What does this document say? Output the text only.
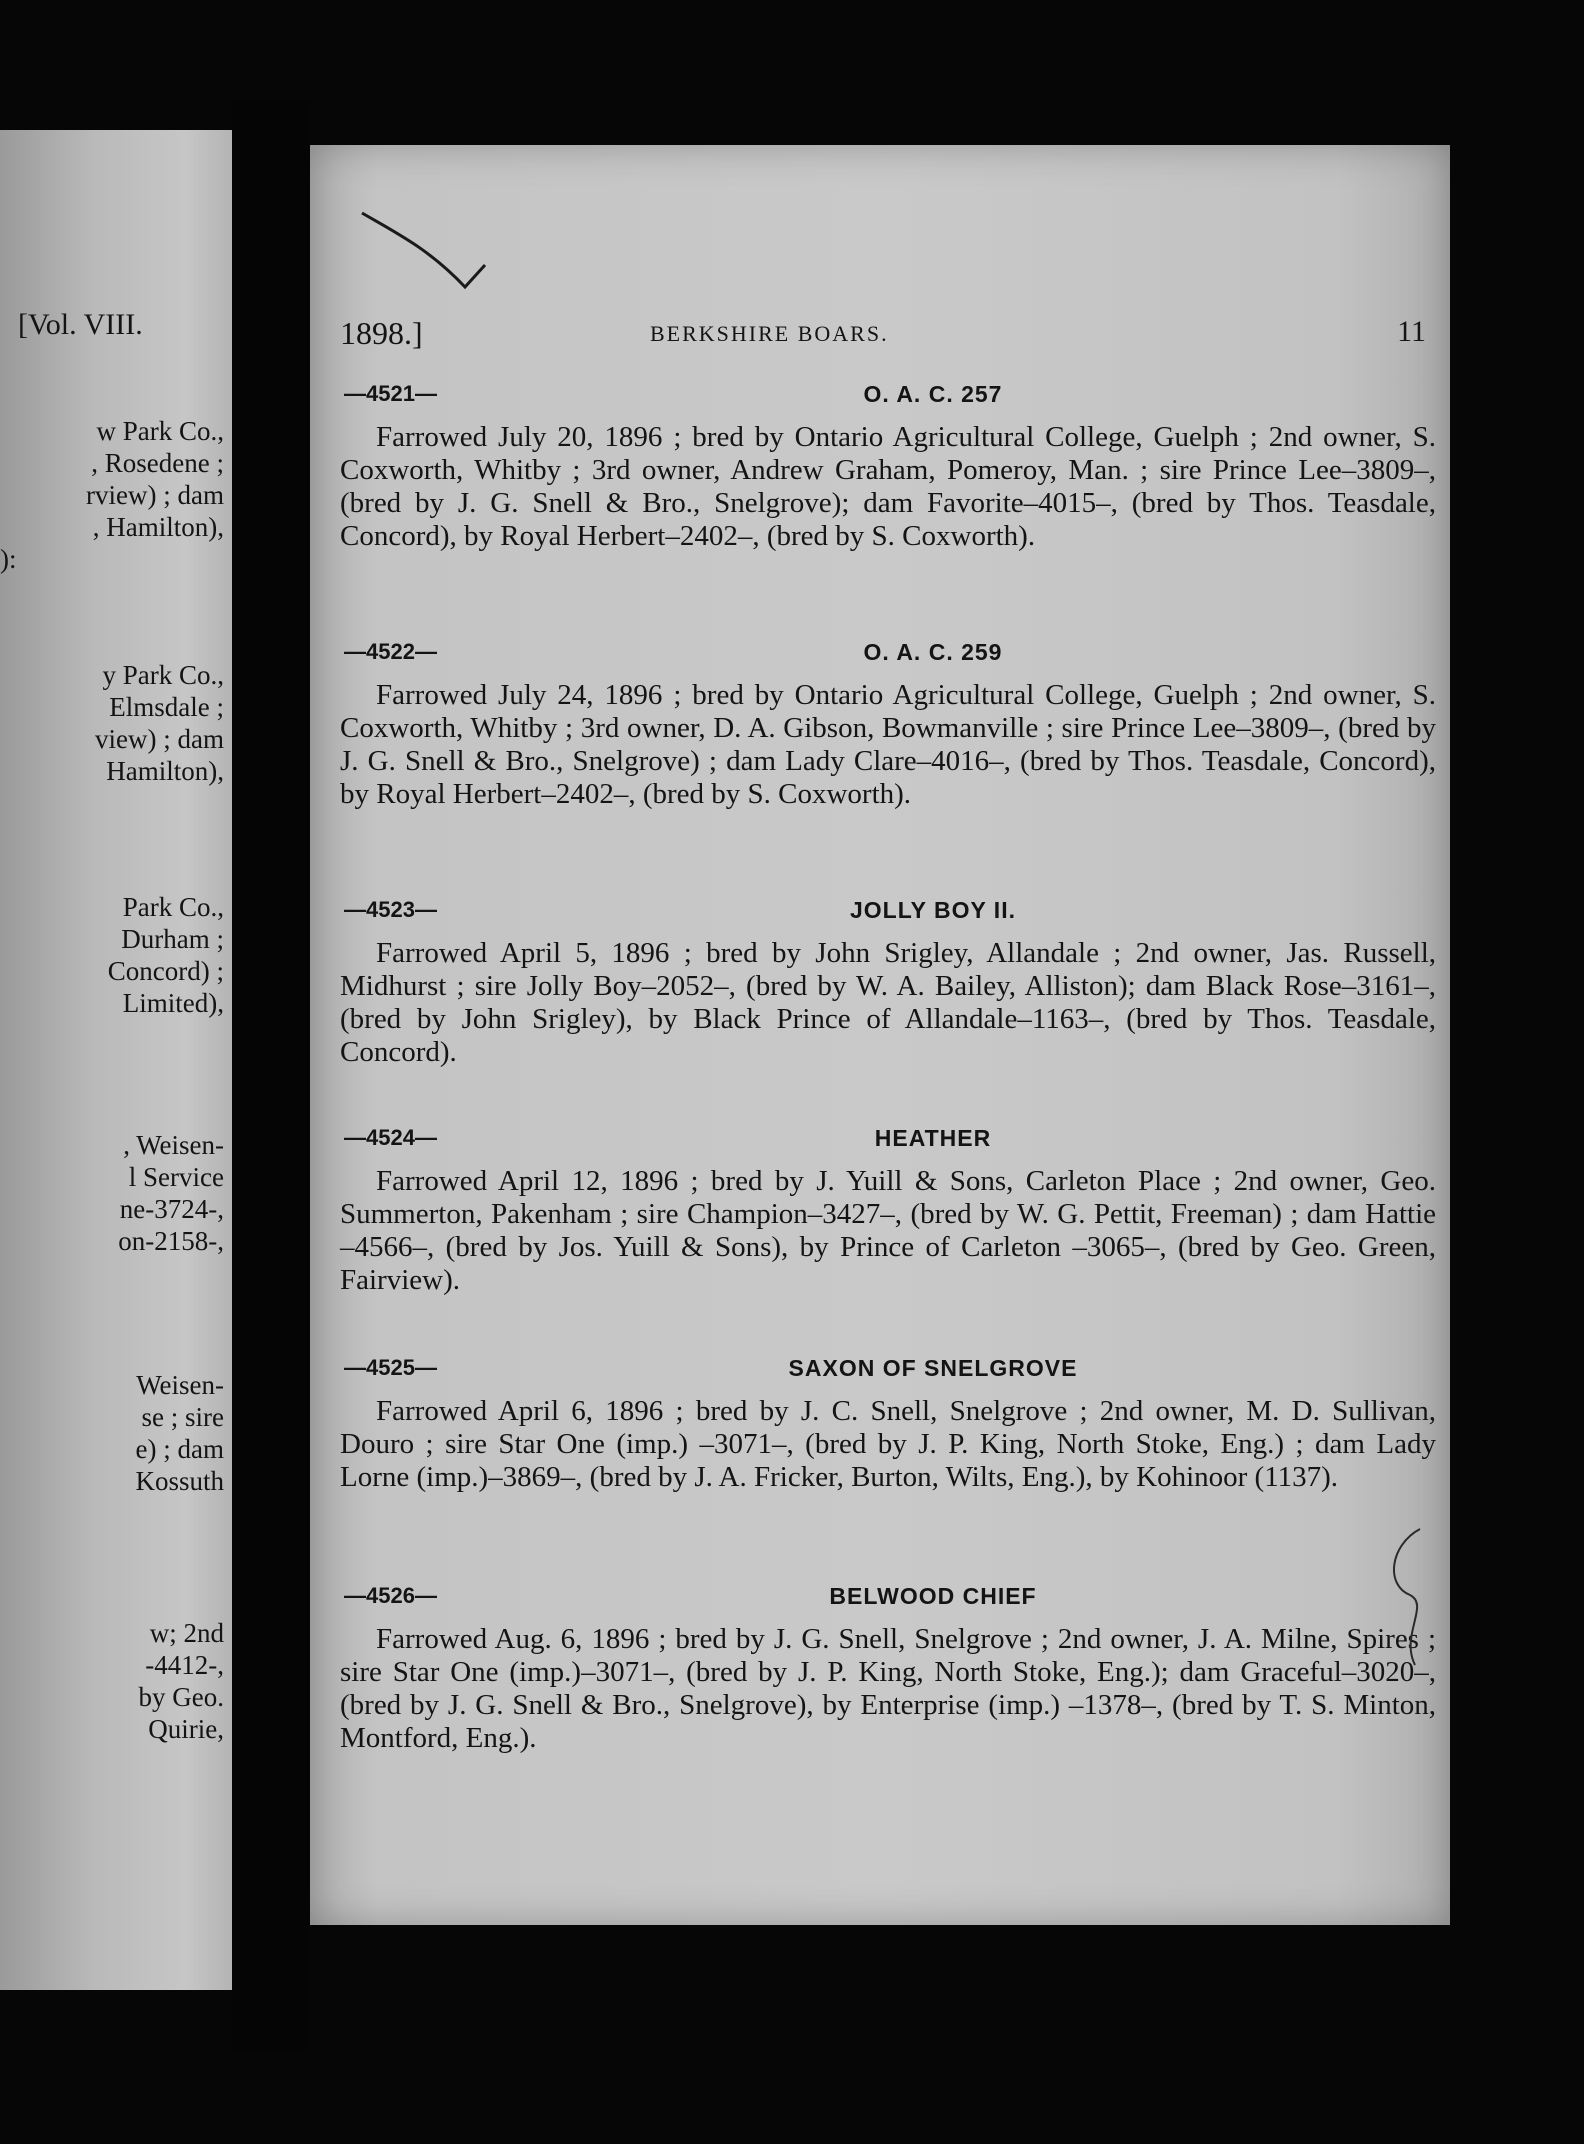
[Vol. VIII.
w Park Co.,
, Rosedene ;
rview) ; dam
, Hamilton),
):
y Park Co.,
Elmsdale ;
view) ; dam
Hamilton),
Park Co.,
Durham ;
Concord) ;
Limited),
, Weisen-
l Service
ne-3724-,
on-2158-,
Weisen-
se ; sire
e) ; dam
Kossuth
w; 2nd
-4412-,
by Geo.
Quirie,
1898.]	BERKSHIRE BOARS.	11
—4521—	O. A. C. 257
Farrowed July 20, 1896 ; bred by Ontario Agricultural College, Guelph ; 2nd owner, S. Coxworth, Whitby ; 3rd owner, Andrew Graham, Pomeroy, Man. ; sire Prince Lee–3809–, (bred by J. G. Snell & Bro., Snelgrove); dam Favorite–4015–, (bred by Thos. Teasdale, Concord), by Royal Herbert–2402–, (bred by S. Coxworth).
—4522—	O. A. C. 259
Farrowed July 24, 1896 ; bred by Ontario Agricultural College, Guelph ; 2nd owner, S. Coxworth, Whitby ; 3rd owner, D. A. Gibson, Bowmanville ; sire Prince Lee–3809–, (bred by J. G. Snell & Bro., Snelgrove) ; dam Lady Clare–4016–, (bred by Thos. Teasdale, Concord), by Royal Herbert–2402–, (bred by S. Coxworth).
—4523—	JOLLY BOY II.
Farrowed April 5, 1896 ; bred by John Srigley, Allandale ; 2nd owner, Jas. Russell, Midhurst ; sire Jolly Boy–2052–, (bred by W. A. Bailey, Alliston); dam Black Rose–3161–, (bred by John Srigley), by Black Prince of Allandale–1163–, (bred by Thos. Teasdale, Concord).
—4524—	HEATHER
Farrowed April 12, 1896 ; bred by J. Yuill & Sons, Carleton Place ; 2nd owner, Geo. Summerton, Pakenham ; sire Champion–3427–, (bred by W. G. Pettit, Freeman) ; dam Hattie –4566–, (bred by Jos. Yuill & Sons), by Prince of Carleton –3065–, (bred by Geo. Green, Fairview).
—4525—	SAXON OF SNELGROVE
Farrowed April 6, 1896 ; bred by J. C. Snell, Snelgrove ; 2nd owner, M. D. Sullivan, Douro ; sire Star One (imp.) –3071–, (bred by J. P. King, North Stoke, Eng.) ; dam Lady Lorne (imp.)–3869–, (bred by J. A. Fricker, Burton, Wilts, Eng.), by Kohinoor (1137).
—4526—	BELWOOD CHIEF
Farrowed Aug. 6, 1896 ; bred by J. G. Snell, Snelgrove ; 2nd owner, J. A. Milne, Spires ; sire Star One (imp.)–3071–, (bred by J. P. King, North Stoke, Eng.); dam Graceful–3020–, (bred by J. G. Snell & Bro., Snelgrove), by Enterprise (imp.) –1378–, (bred by T. S. Minton, Montford, Eng.).
